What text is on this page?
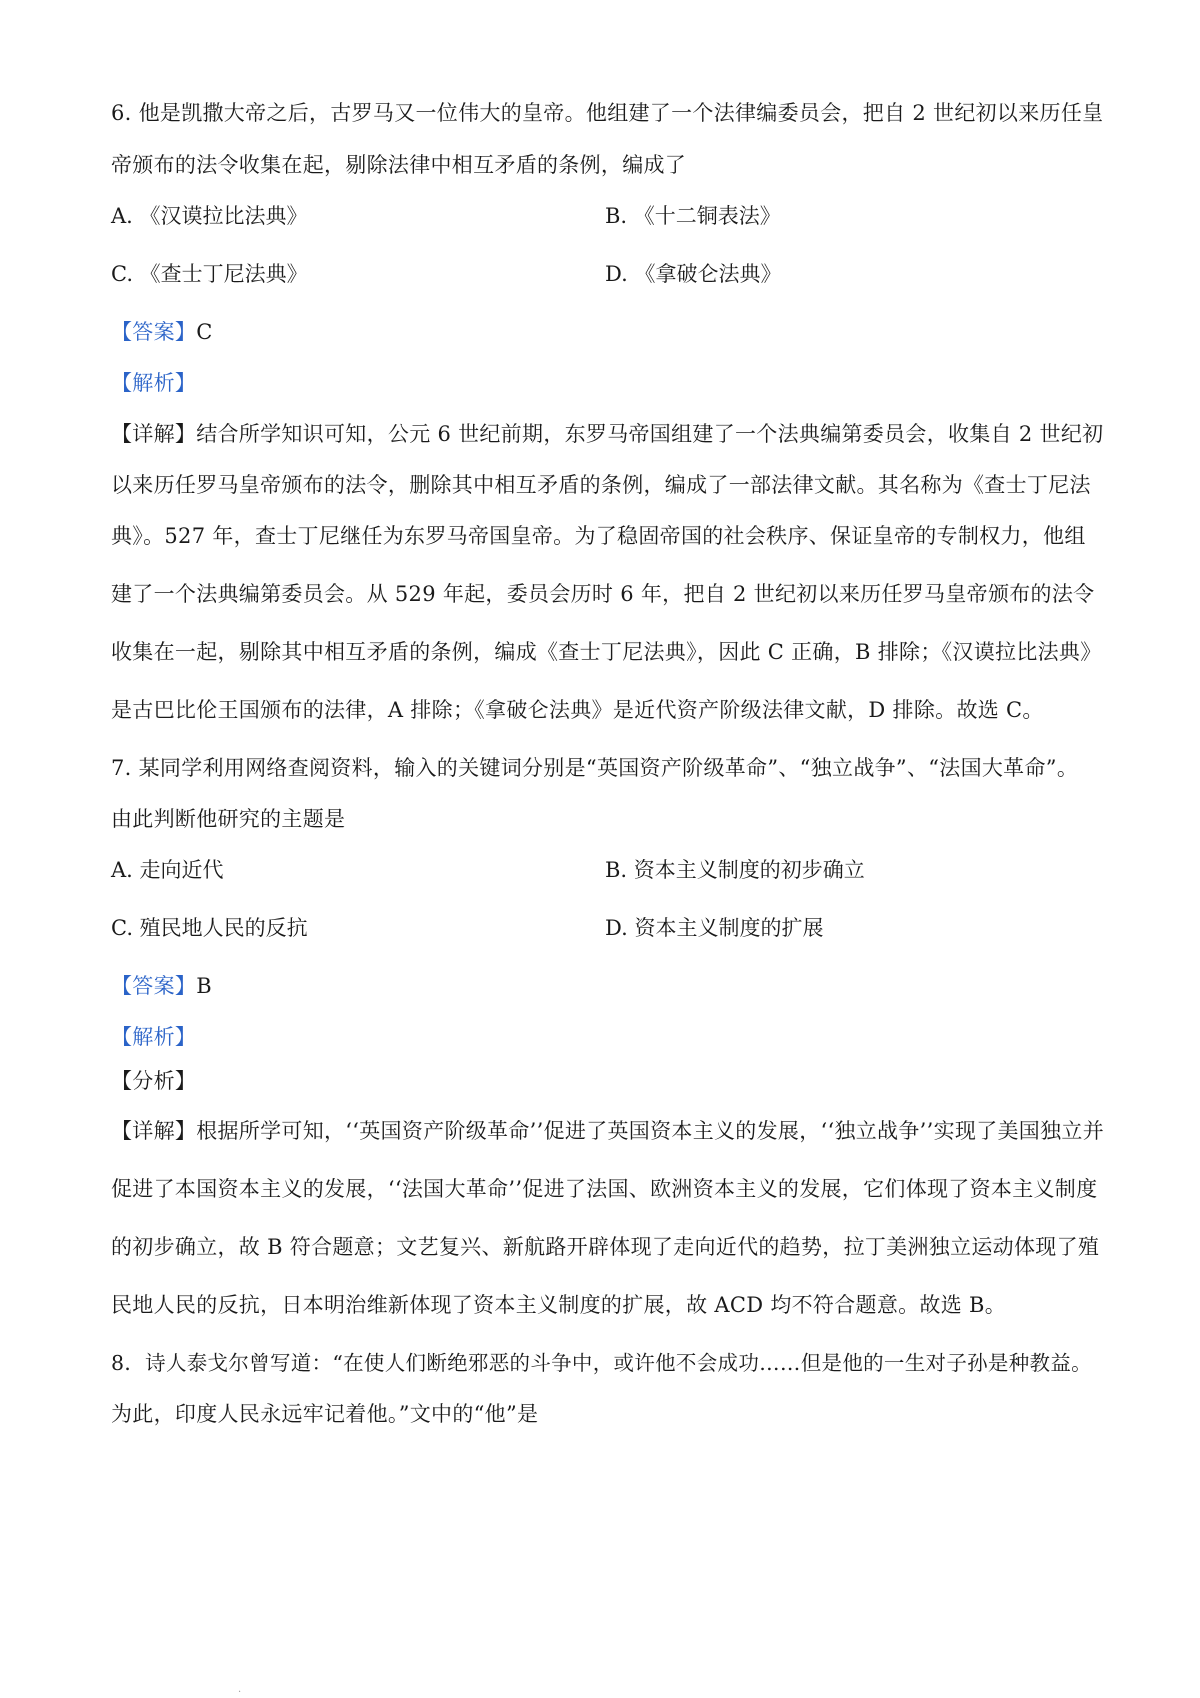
6. 他是凯撒大帝之后，古罗马又一位伟大的皇帝。他组建了一个法律编委员会，把自 2 世纪初以来历任皇
帝颁布的法令收集在起，剔除法律中相互矛盾的条例，编成了
A. 《汉谟拉比法典》	B. 《十二铜表法》
C. 《查士丁尼法典》	D. 《拿破仑法典》
【答案】C
【解析】
【详解】结合所学知识可知，公元 6 世纪前期，东罗马帝国组建了一个法典编第委员会，收集自 2 世纪初
以来历任罗马皇帝颁布的法令，删除其中相互矛盾的条例，编成了一部法律文献。其名称为《查士丁尼法
典》。527 年，查士丁尼继任为东罗马帝国皇帝。为了稳固帝国的社会秩序、保证皇帝的专制权力，他组
建了一个法典编第委员会。从 529 年起，委员会历时 6 年，把自 2 世纪初以来历任罗马皇帝颁布的法令
收集在一起，剔除其中相互矛盾的条例，编成《查士丁尼法典》，因此 C 正确，B 排除；《汉谟拉比法典》
是古巴比伦王国颁布的法律，A 排除；《拿破仑法典》是近代资产阶级法律文献，D 排除。故选 C。
7. 某同学利用网络查阅资料，输入的关键词分别是“英国资产阶级革命”、“独立战争”、“法国大革命”。
由此判断他研究的主题是
A. 走向近代	B. 资本主义制度的初步确立
C. 殖民地人民的反抗	D. 资本主义制度的扩展
【答案】B
【解析】
【分析】
【详解】根据所学可知，‘‘英国资产阶级革命’’促进了英国资本主义的发展，‘‘独立战争’’实现了美国独立并
促进了本国资本主义的发展，‘‘法国大革命’’促进了法国、欧洲资本主义的发展，它们体现了资本主义制度
的初步确立，故 B 符合题意；文艺复兴、新航路开辟体现了走向近代的趋势，拉丁美洲独立运动体现了殖
民地人民的反抗，日本明治维新体现了资本主义制度的扩展，故 ACD 均不符合题意。故选 B。
8．诗人泰戈尔曾写道：“在使人们断绝邪恶的斗争中，或许他不会成功……但是他的一生对子孙是种教益。
为此，印度人民永远牢记着他。”文中的“他”是
.
